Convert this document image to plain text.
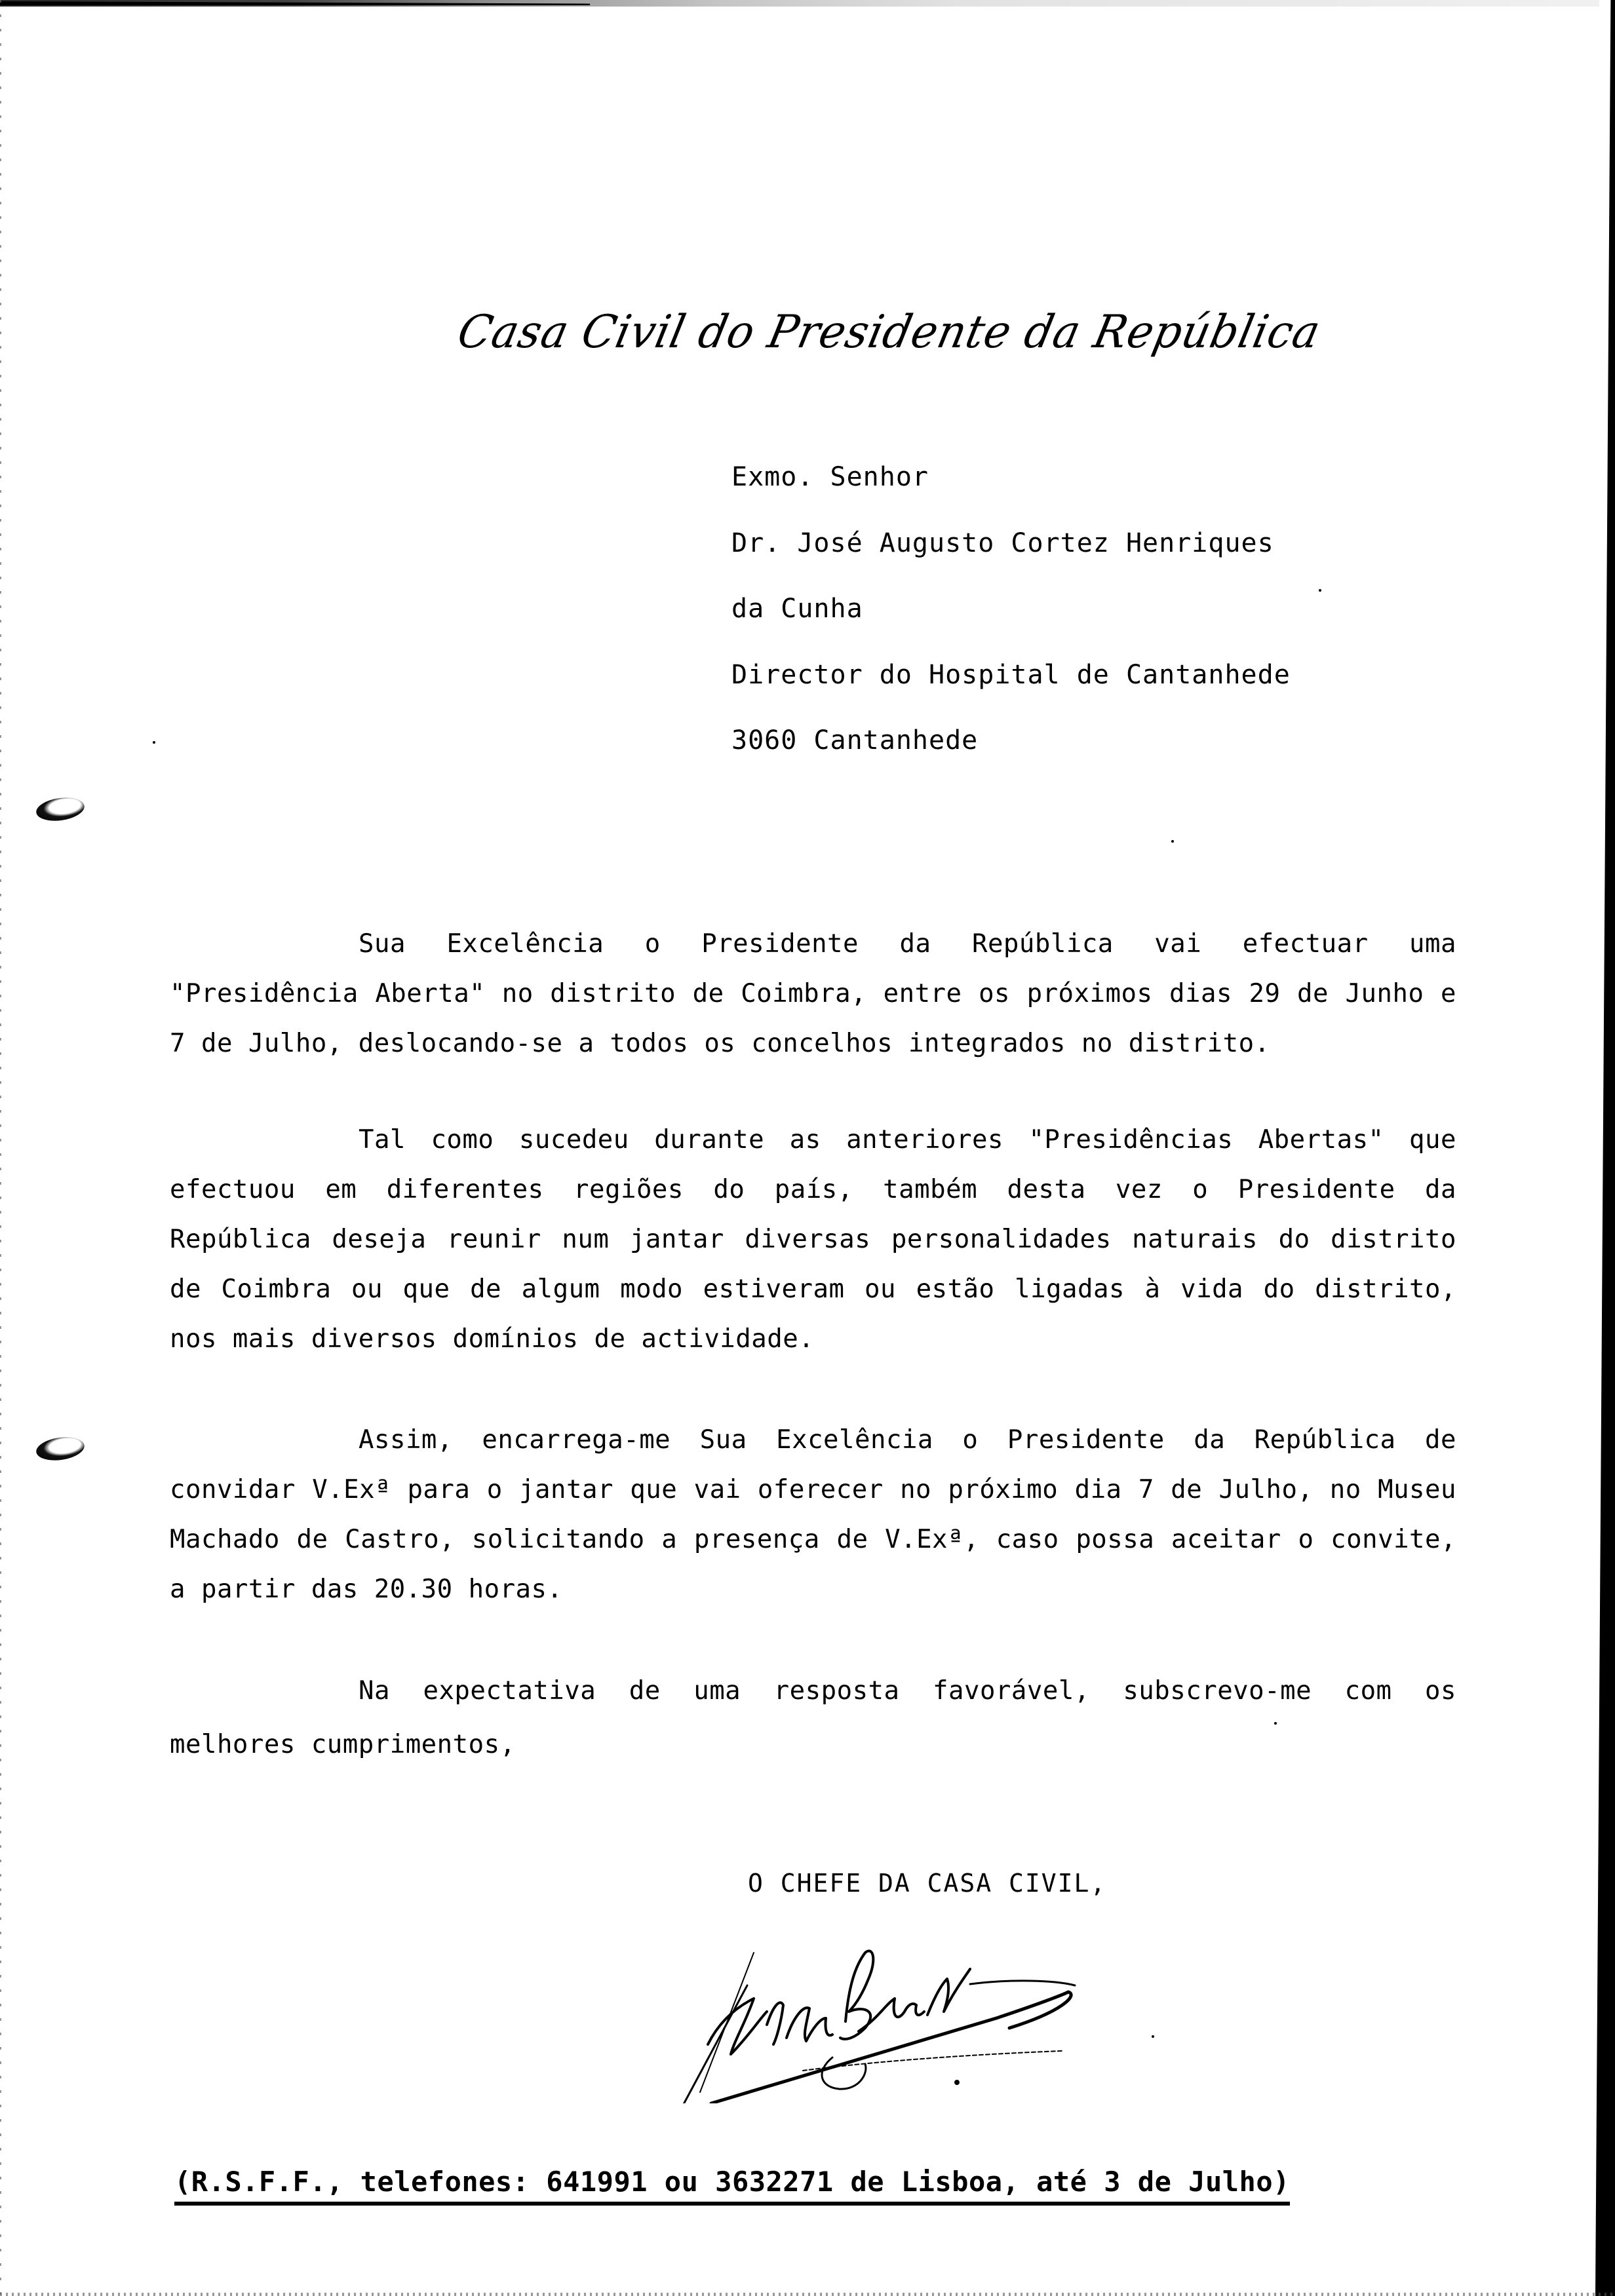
Casa Civil do Presidente da República
Exmo. Senhor
Dr. José Augusto Cortez Henriques
da Cunha
Director do Hospital de Cantanhede
3060 Cantanhede

Sua Excelência o Presidente da República vai efectuar uma "Presidência Aberta" no distrito de Coimbra, entre os próximos dias 29 de Junho e 7 de Julho, deslocando-se a todos os concelhos integrados no distrito.

Tal como sucedeu durante as anteriores "Presidências Abertas" que efectuou em diferentes regiões do país, também desta vez o Presidente da República deseja reunir num jantar diversas personalidades naturais do distrito de Coimbra ou que de algum modo estiveram ou estão ligadas à vida do distrito, nos mais diversos domínios de actividade.

Assim, encarrega-me Sua Excelência o Presidente da República de convidar V.Exª para o jantar que vai oferecer no próximo dia 7 de Julho, no Museu Machado de Castro, solicitando a presença de V.Exª, caso possa aceitar o convite, a partir das 20.30 horas.

Na expectativa de uma resposta favorável, subscrevo-me com os melhores cumprimentos,

O CHEFE DA CASA CIVIL,
(R.S.F.F., telefones: 641991 ou 3632271 de Lisboa, até 3 de Julho)
